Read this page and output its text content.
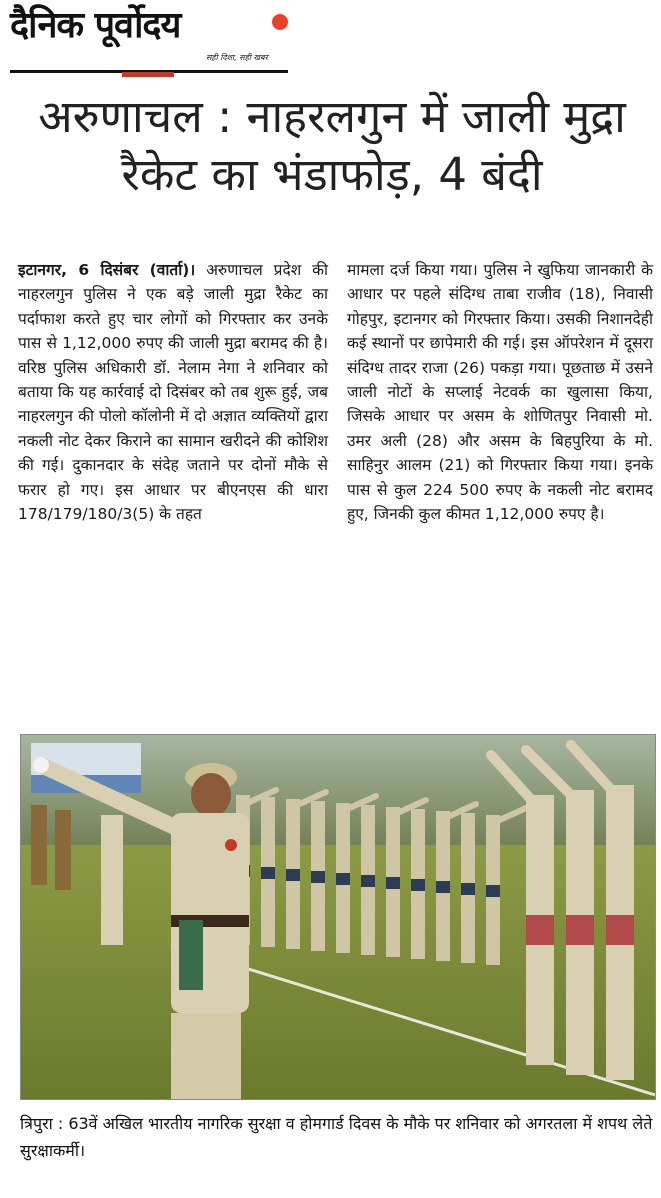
दैनिक पूर्वोदय
सही दिशा, सही खबर
अरुणाचल : नाहरलगुन में जाली मुद्रा रैकेट का भंडाफोड़, 4 बंदी

इटानगर, 6 दिसंबर (वार्ता)। अरुणाचल प्रदेश की नाहरलगुन पुलिस ने एक बड़े जाली मुद्रा रैकेट का पर्दाफाश करते हुए चार लोगों को गिरफ्तार कर उनके पास से 1,12,000 रुपए की जाली मुद्रा बरामद की है। वरिष्ठ पुलिस अधिकारी डॉ. नेलाम नेगा ने शनिवार को बताया कि यह कार्रवाई दो दिसंबर को तब शुरू हुई, जब नाहरलगुन की पोलो कॉलोनी में दो अज्ञात व्यक्तियों द्वारा नकली नोट देकर किराने का सामान खरीदने की कोशिश की गई। दुकानदार के संदेह जताने पर दोनों मौके से फरार हो गए। इस आधार पर बीएनएस की धारा 178/179/180/3(5) के तहत

मामला दर्ज किया गया। पुलिस ने खुफिया जानकारी के आधार पर पहले संदिग्ध ताबा राजीव (18), निवासी गोहपुर, इटानगर को गिरफ्तार किया। उसकी निशानदेही कई स्थानों पर छापेमारी की गई। इस ऑपरेशन में दूसरा संदिग्ध तादर राजा (26) पकड़ा गया। पूछताछ में उसने जाली नोटों के सप्लाई नेटवर्क का खुलासा किया, जिसके आधार पर असम के शोणितपुर निवासी मो. उमर अली (28) और असम के बिहपुरिया के मो. साहिनुर आलम (21) को गिरफ्तार किया गया। इनके पास से कुल 224 500 रुपए के नकली नोट बरामद हुए, जिनकी कुल कीमत 1,12,000 रुपए है।

त्रिपुरा : 63वें अखिल भारतीय नागरिक सुरक्षा व होमगार्ड दिवस के मौके पर शनिवार को अगरतला में शपथ लेते सुरक्षाकर्मी।
